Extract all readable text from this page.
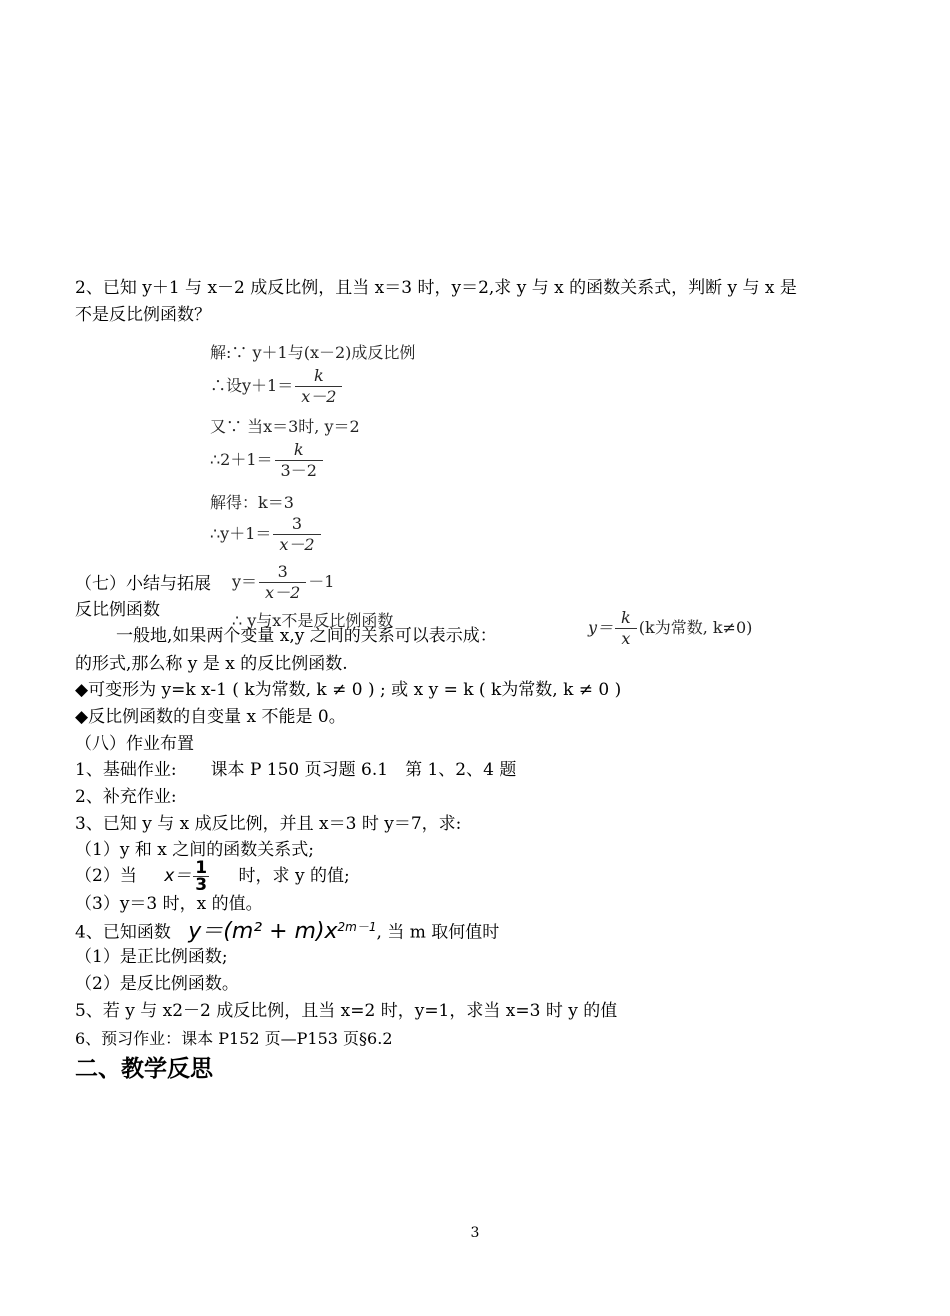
2、已知 y＋1 与 x－2 成反比例，且当 x＝3 时，y＝2,求 y 与 x 的函数关系式，判断 y 与 x 是
不是反比例函数？
解:∵ y＋1与(x－2)成反比例
∴设$y+1= \frac{k}{x-2}$
又∵ 当x＝3时, y＝2
∴2＋1＝ $\frac{k}{3-2}$
解得：k＝3
∴y＋1＝ $\frac{3}{x-2}$
（七）小结与拓展 $y= \frac{3}{x-2} -1$
反比例函数
∴ y与x不是反比例函数
一般地,如果两个变量 x,y 之间的关系可以表示成：	$y= \frac{k}{x} (k$为常数, k≠0)
的形式,那么称 y 是 x 的反比例函数.
◆可变形为 y=k x-1 ( k为常数, k ≠ 0 ) ; 或 x y = k ( k为常数, k ≠ 0 )
◆反比例函数的自变量 x 不能是 0。
（八）作业布置
1、基础作业:　　课本 P 150 页习题 6.1　第 1、2、4 题
2、补充作业:
3、已知 y 与 x 成反比例，并且 x＝3 时 y＝7，求:
（1）y 和 x 之间的函数关系式;
（2）当 $x= \frac{1}{3}$ 时，求 y 的值;
（3）y＝3 时，x 的值。
4、已知函数 $y=(m^2 + m)x^{2m-1}$, 当 m 取何值时
（1）是正比例函数;
（2）是反比例函数。
5、若 y 与 x2－2 成反比例，且当 x=2 时，y=1，求当 x=3 时 y 的值
6、预习作业：课本 P152 页—P153 页§6.2
二、教学反思
3
